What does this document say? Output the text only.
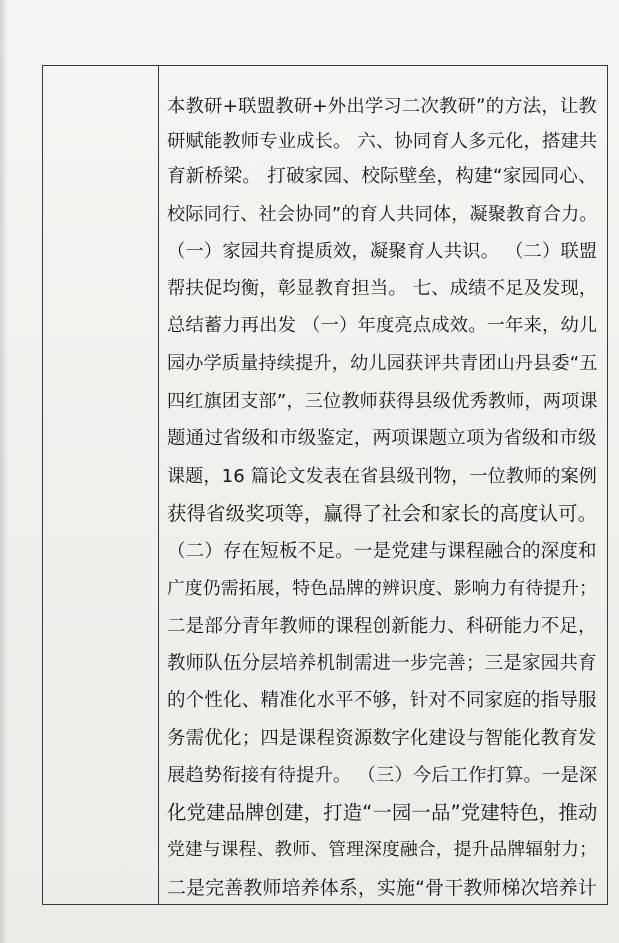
本教研+联盟教研+外出学习二次教研”的方法，让教
研赋能教师专业成长。 六、协同育人多元化，搭建共
育新桥梁。 打破家园、校际壁垒，构建“家园同心、
校际同行、社会协同”的育人共同体，凝聚教育合力。
（一）家园共育提质效，凝聚育人共识。 （二）联盟
帮扶促均衡，彰显教育担当。 七、成绩不足及发现，
总结蓄力再出发 （一）年度亮点成效。一年来，幼儿
园办学质量持续提升，幼儿园获评共青团山丹县委“五
四红旗团支部”，三位教师获得县级优秀教师，两项课
题通过省级和市级鉴定，两项课题立项为省级和市级
课题，16 篇论文发表在省县级刊物，一位教师的案例
获得省级奖项等，赢得了社会和家长的高度认可。
（二）存在短板不足。一是党建与课程融合的深度和
广度仍需拓展，特色品牌的辨识度、影响力有待提升；
二是部分青年教师的课程创新能力、科研能力不足，
教师队伍分层培养机制需进一步完善；三是家园共育
的个性化、精准化水平不够，针对不同家庭的指导服
务需优化；四是课程资源数字化建设与智能化教育发
展趋势衔接有待提升。 （三）今后工作打算。一是深
化党建品牌创建，打造“一园一品”党建特色，推动
党建与课程、教师、管理深度融合，提升品牌辐射力；
二是完善教师培养体系，实施“骨干教师梯次培养计
